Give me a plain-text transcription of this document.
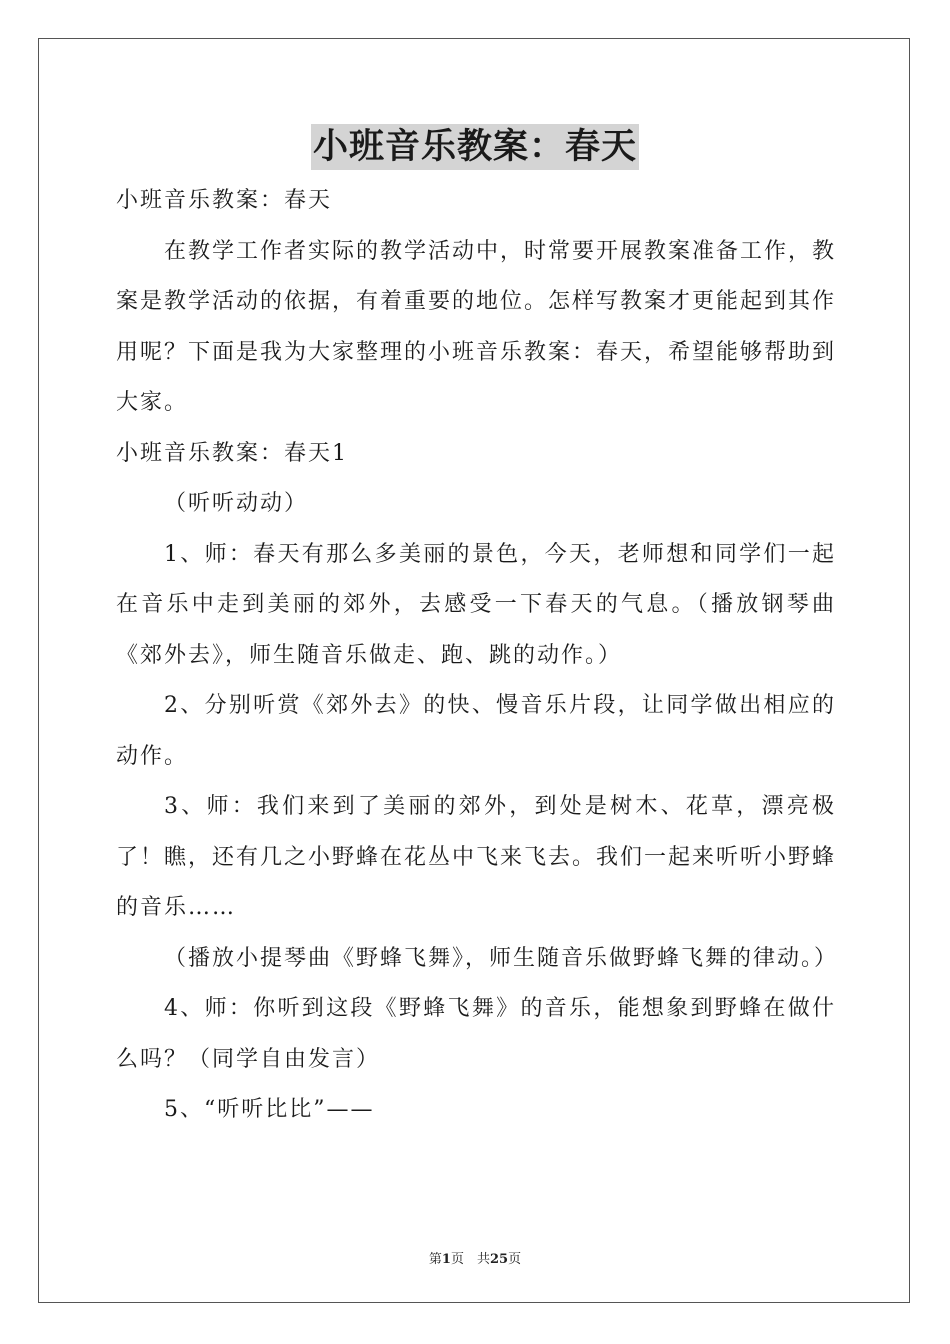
小班音乐教案：春天

小班音乐教案：春天

在教学工作者实际的教学活动中，时常要开展教案准备工作，教案是教学活动的依据，有着重要的地位。怎样写教案才更能起到其作用呢？下面是我为大家整理的小班音乐教案：春天，希望能够帮助到大家。

小班音乐教案：春天1

（听听动动）

1、师：春天有那么多美丽的景色，今天，老师想和同学们一起在音乐中走到美丽的郊外，去感受一下春天的气息。（播放钢琴曲《郊外去》，师生随音乐做走、跑、跳的动作。）

2、分别听赏《郊外去》的快、慢音乐片段，让同学做出相应的动作。

3、师：我们来到了美丽的郊外，到处是树木、花草，漂亮极了！瞧，还有几之小野蜂在花丛中飞来飞去。我们一起来听听小野蜂的音乐……

（播放小提琴曲《野蜂飞舞》，师生随音乐做野蜂飞舞的律动。）

4、师：你听到这段《野蜂飞舞》的音乐，能想象到野蜂在做什么吗？（同学自由发言）

5、“听听比比”——

第1页　共25页
